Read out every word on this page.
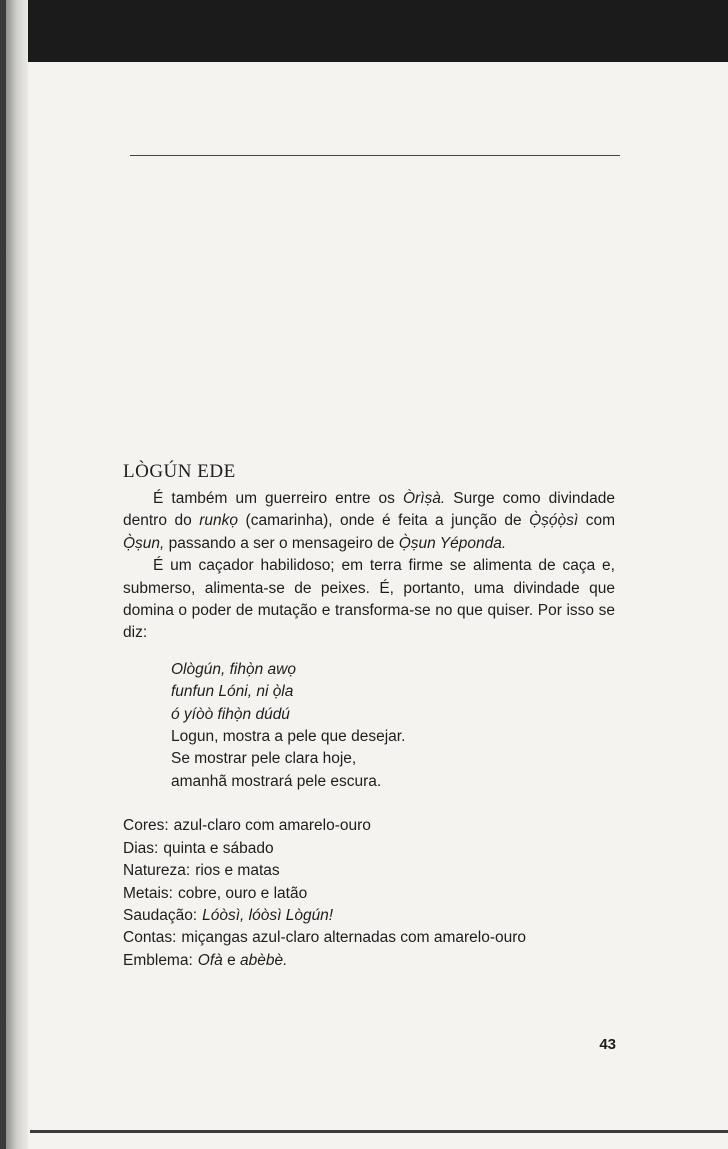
LÒGÚN EDE

É também um guerreiro entre os Òrìṣà. Surge como divindade dentro do runkọ (camarinha), onde é feita a junção de Ọ̀ṣọ́ọ̀sì com Ọ̀ṣun, passando a ser o mensageiro de Ọ̀ṣun Yéponda.

É um caçador habilidoso; em terra firme se alimenta de caça e, submerso, alimenta-se de peixes. É, portanto, uma divindade que domina o poder de mutação e transforma-se no que quiser. Por isso se diz:

Ològún, fihọ̀n awọ
funfun Lóni, ni ọ̀la
ó yíòò fihọ̀n dúdú
Logun, mostra a pele que desejar.
Se mostrar pele clara hoje,
amanhã mostrará pele escura.
Cores: azul-claro com amarelo-ouro
Dias: quinta e sábado
Natureza: rios e matas
Metais: cobre, ouro e latão
Saudação: Lóòsì, lóòsì Lògún!
Contas: miçangas azul-claro alternadas com amarelo-ouro
Emblema: Ofà e abèbè.
43
